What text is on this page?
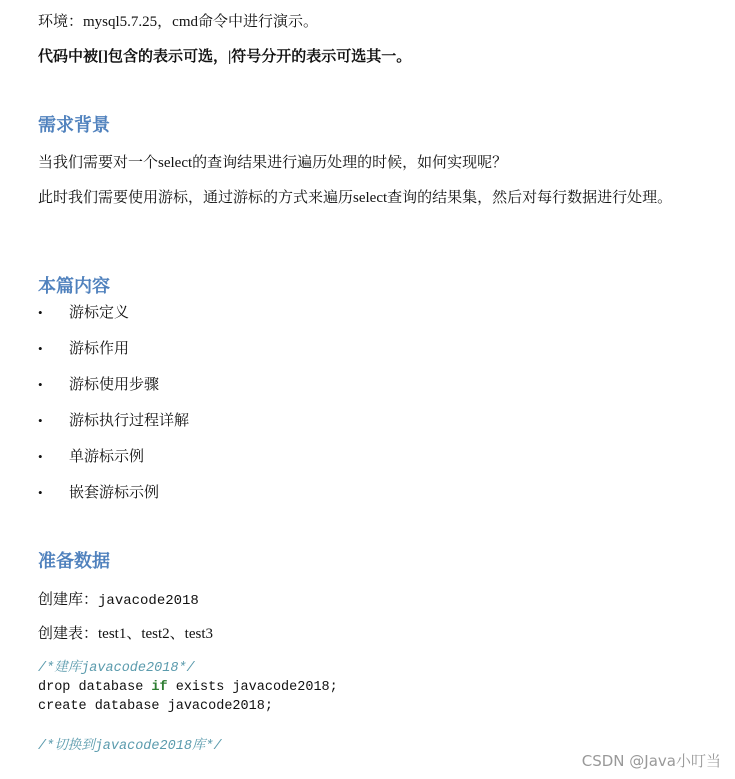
环境：mysql5.7.25，cmd命令中进行演示。

代码中被[]包含的表示可选，|符号分开的表示可选其一。

需求背景

当我们需要对一个select的查询结果进行遍历处理的时候，如何实现呢？

此时我们需要使用游标，通过游标的方式来遍历select查询的结果集，然后对每行数据进行处理。

本篇内容
• 游标定义
• 游标作用
• 游标使用步骤
• 游标执行过程详解
• 单游标示例
• 嵌套游标示例
准备数据

创建库：javacode2018

创建表：test1、test2、test3

/*建库javacode2018*/
drop database if exists javacode2018;
create database javacode2018;
/*切换到javacode2018库*/
CSDN @Java小叮当
